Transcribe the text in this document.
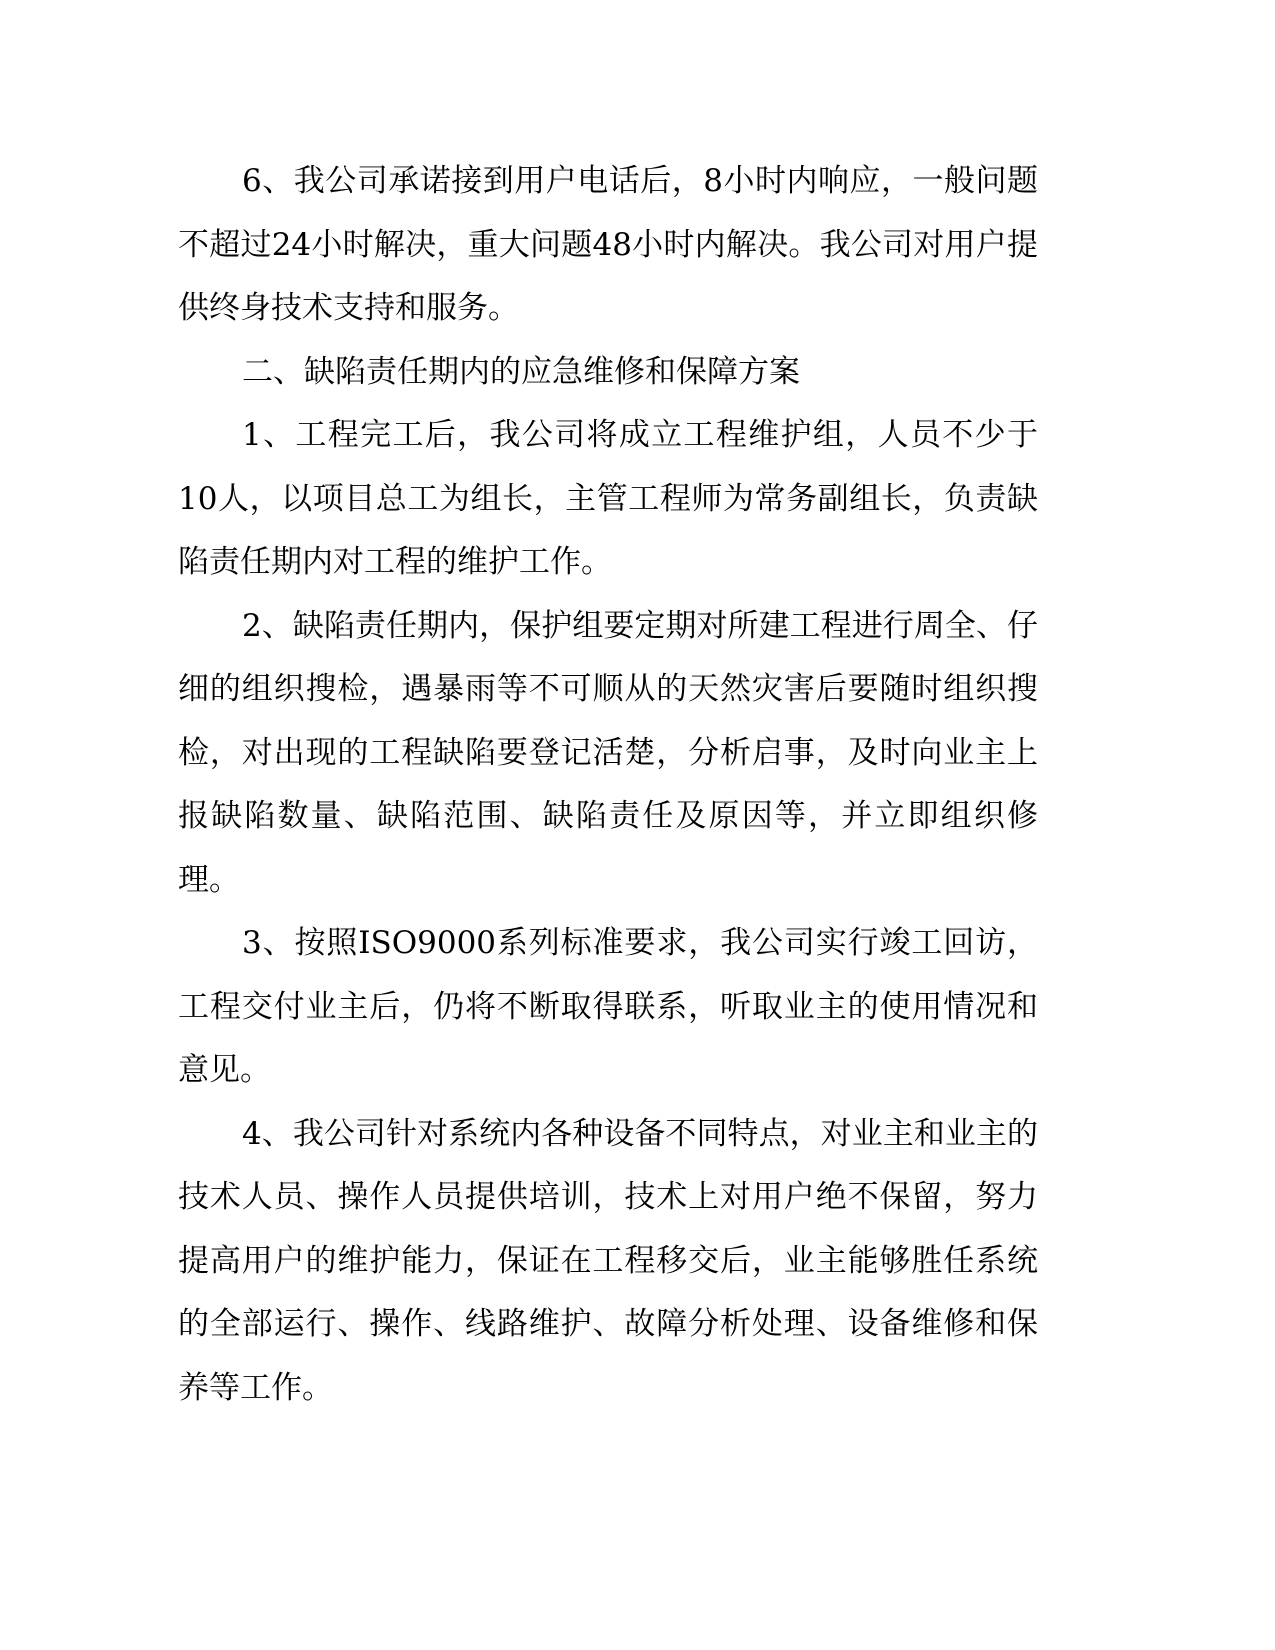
6、我公司承诺接到用户电话后，8小时内响应，一般问题不超过24小时解决，重大问题48小时内解决。我公司对用户提供终身技术支持和服务。

二、缺陷责任期内的应急维修和保障方案

1、工程完工后，我公司将成立工程维护组，人员不少于10人，以项目总工为组长，主管工程师为常务副组长，负责缺陷责任期内对工程的维护工作。

2、缺陷责任期内，保护组要定期对所建工程进行周全、仔细的组织搜检，遇暴雨等不可顺从的天然灾害后要随时组织搜检，对出现的工程缺陷要登记活楚，分析启事，及时向业主上报缺陷数量、缺陷范围、缺陷责任及原因等，并立即组织修理。

3、按照ISO9000系列标准要求，我公司实行竣工回访，工程交付业主后，仍将不断取得联系，听取业主的使用情况和意见。

4、我公司针对系统内各种设备不同特点，对业主和业主的技术人员、操作人员提供培训，技术上对用户绝不保留，努力提高用户的维护能力，保证在工程移交后，业主能够胜任系统的全部运行、操作、线路维护、故障分析处理、设备维修和保养等工作。
